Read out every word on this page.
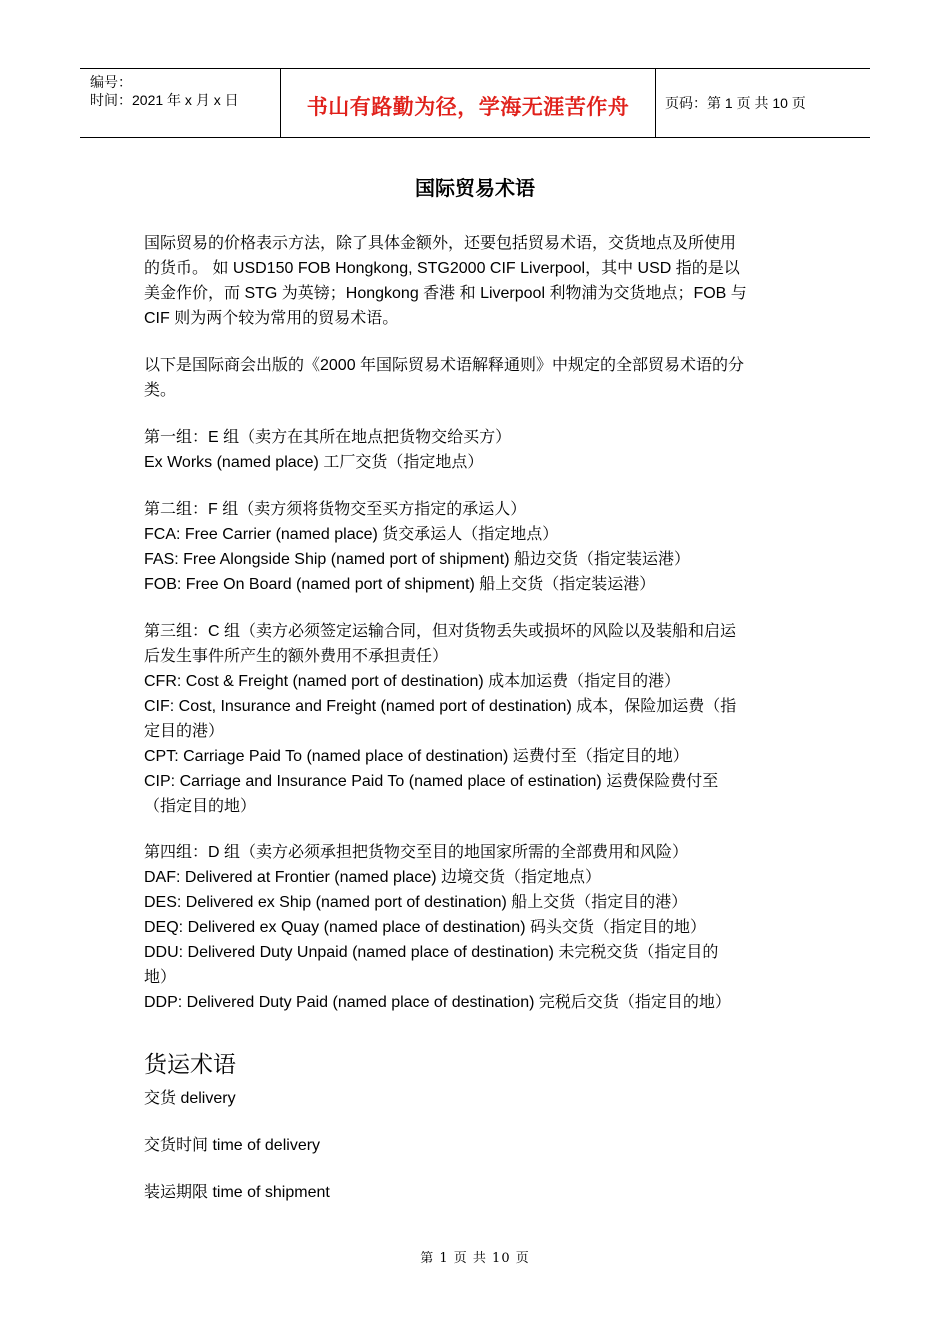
编号：
时间：2021 年 x 月 x 日	书山有路勤为径，学海无涯苦作舟	页码：第 1 页 共 10 页
国际贸易术语
国际贸易的价格表示方法，除了具体金额外，还要包括贸易术语，交货地点及所使用
的货币。 如 USD150 FOB Hongkong, STG2000 CIF Liverpool，其中 USD 指的是以
美金作价，而 STG 为英镑；Hongkong 香港 和 Liverpool 利物浦为交货地点；FOB 与
CIF 则为两个较为常用的贸易术语。
以下是国际商会出版的《2000 年国际贸易术语解释通则》中规定的全部贸易术语的分
类。
第一组：E 组（卖方在其所在地点把货物交给买方）
Ex Works (named place) 工厂交货（指定地点）
第二组：F 组（卖方须将货物交至买方指定的承运人）
FCA: Free Carrier (named place) 货交承运人（指定地点）
FAS: Free Alongside Ship (named port of shipment) 船边交货（指定装运港）
FOB: Free On Board (named port of shipment) 船上交货（指定装运港）
第三组：C 组（卖方必须签定运输合同，但对货物丢失或损坏的风险以及装船和启运
后发生事件所产生的额外费用不承担责任）
CFR: Cost & Freight (named port of destination) 成本加运费（指定目的港）
CIF: Cost, Insurance and Freight (named port of destination) 成本，保险加运费（指
定目的港）
CPT: Carriage Paid To (named place of destination) 运费付至（指定目的地）
CIP: Carriage and Insurance Paid To (named place of estination) 运费保险费付至
（指定目的地）
第四组：D 组（卖方必须承担把货物交至目的地国家所需的全部费用和风险）
DAF: Delivered at Frontier (named place) 边境交货（指定地点）
DES: Delivered ex Ship (named port of destination) 船上交货（指定目的港）
DEQ: Delivered ex Quay (named place of destination) 码头交货（指定目的地）
DDU: Delivered Duty Unpaid (named place of destination) 未完税交货（指定目的
地）
DDP: Delivered Duty Paid (named place of destination) 完税后交货（指定目的地）
货运术语
交货 delivery
交货时间 time of delivery
装运期限 time of shipment
第 1 页 共 10 页
